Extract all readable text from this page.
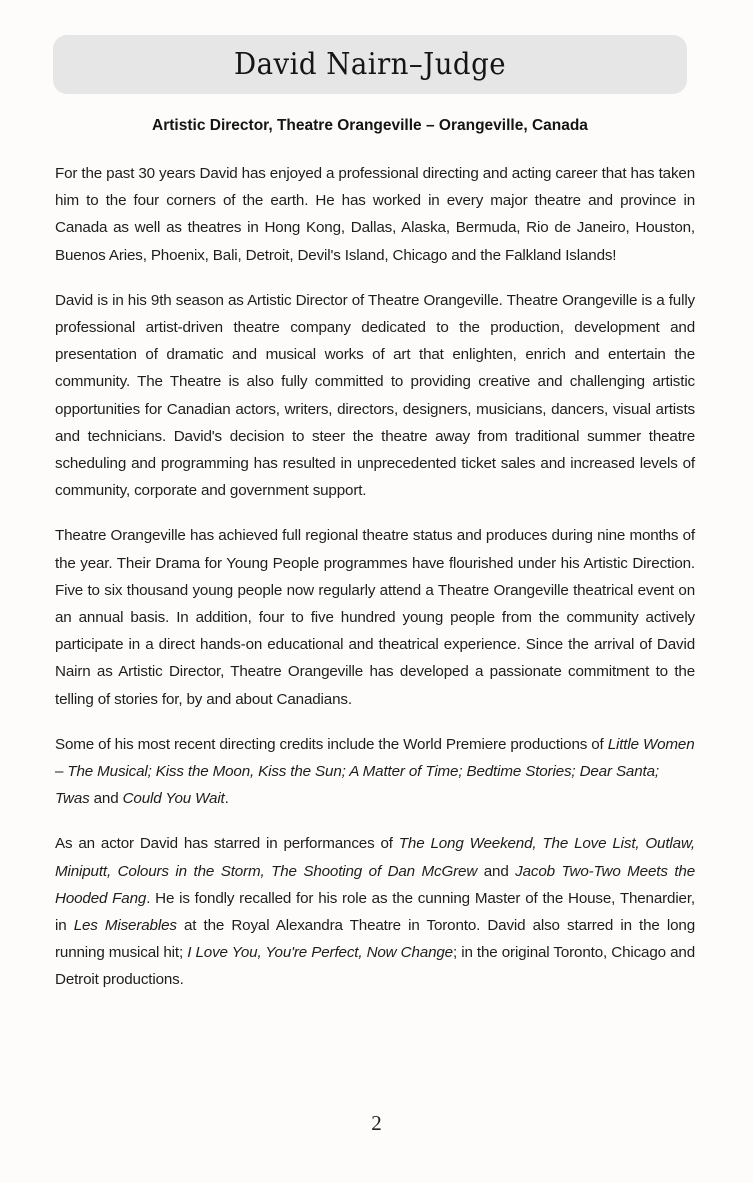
David Nairn–Judge

Artistic Director, Theatre Orangeville – Orangeville, Canada

For the past 30 years David has enjoyed a professional directing and acting career that has taken him to the four corners of the earth. He has worked in every major theatre and province in Canada as well as theatres in Hong Kong, Dallas, Alaska, Bermuda, Rio de Janeiro, Houston, Buenos Aries, Phoenix, Bali, Detroit, Devil's Island, Chicago and the Falkland Islands!

David is in his 9th season as Artistic Director of Theatre Orangeville. Theatre Orangeville is a fully professional artist-driven theatre company dedicated to the production, development and presentation of dramatic and musical works of art that enlighten, enrich and entertain the community. The Theatre is also fully committed to providing creative and challenging artistic opportunities for Canadian actors, writers, directors, designers, musicians, dancers, visual artists and technicians. David's decision to steer the theatre away from traditional summer theatre scheduling and programming has resulted in unprecedented ticket sales and increased levels of community, corporate and government support.

Theatre Orangeville has achieved full regional theatre status and produces during nine months of the year. Their Drama for Young People programmes have flourished under his Artistic Direction. Five to six thousand young people now regularly attend a Theatre Orangeville theatrical event on an annual basis. In addition, four to five hundred young people from the community actively participate in a direct hands-on educational and theatrical experience. Since the arrival of David Nairn as Artistic Director, Theatre Orangeville has developed a passionate commitment to the telling of stories for, by and about Canadians.

Some of his most recent directing credits include the World Premiere productions of Little Women – The Musical; Kiss the Moon, Kiss the Sun; A Matter of Time; Bedtime Stories; Dear Santa; Twas and Could You Wait.

As an actor David has starred in performances of The Long Weekend, The Love List, Outlaw, Miniputt, Colours in the Storm, The Shooting of Dan McGrew and Jacob Two-Two Meets the Hooded Fang. He is fondly recalled for his role as the cunning Master of the House, Thenardier, in Les Miserables at the Royal Alexandra Theatre in Toronto. David also starred in the long running musical hit; I Love You, You're Perfect, Now Change; in the original Toronto, Chicago and Detroit productions.

2
